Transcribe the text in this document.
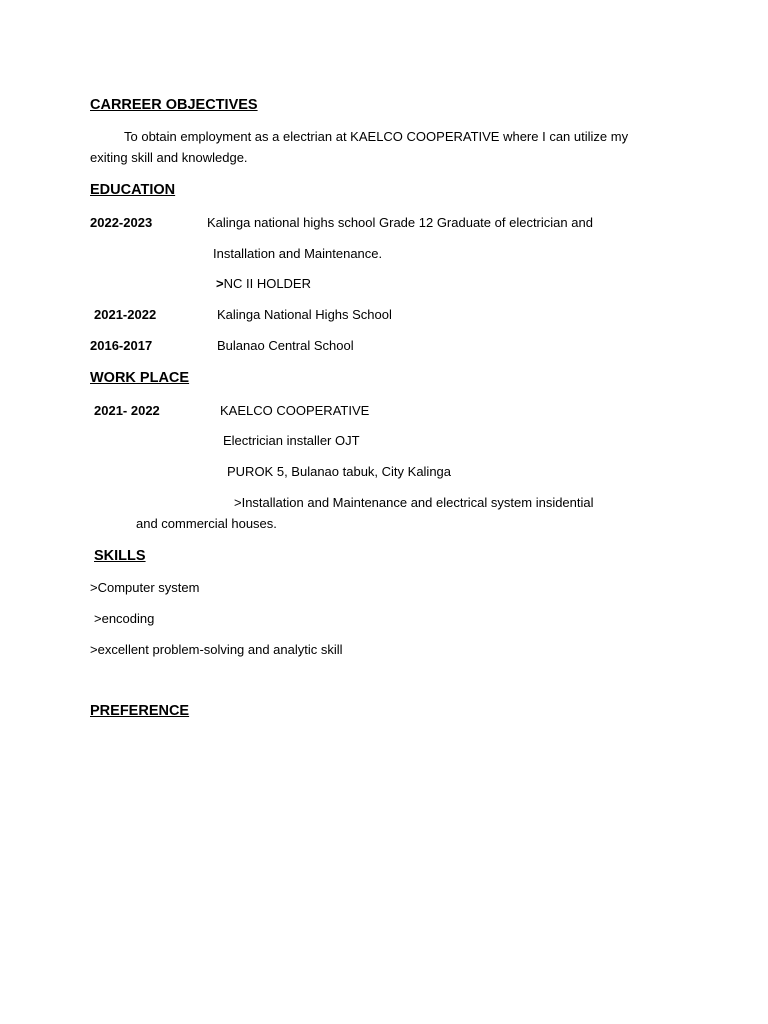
CARREER OBJECTIVES
To obtain employment as a electrian at KAELCO COOPERATIVE where I can utilize my
exiting skill and knowledge.
EDUCATION
2022-2023	Kalinga national highs school Grade 12 Graduate of electrician and
Installation and Maintenance.
>NC II HOLDER
2021-2022	Kalinga National Highs School
2016-2017	Bulanao Central School
WORK PLACE
2021- 2022	KAELCO COOPERATIVE
Electrician installer OJT
PUROK 5, Bulanao tabuk, City Kalinga
>Installation and Maintenance and electrical system insidential
and commercial houses.
SKILLS
>Computer system
>encoding
>excellent problem-solving and analytic skill
PREFERENCE
